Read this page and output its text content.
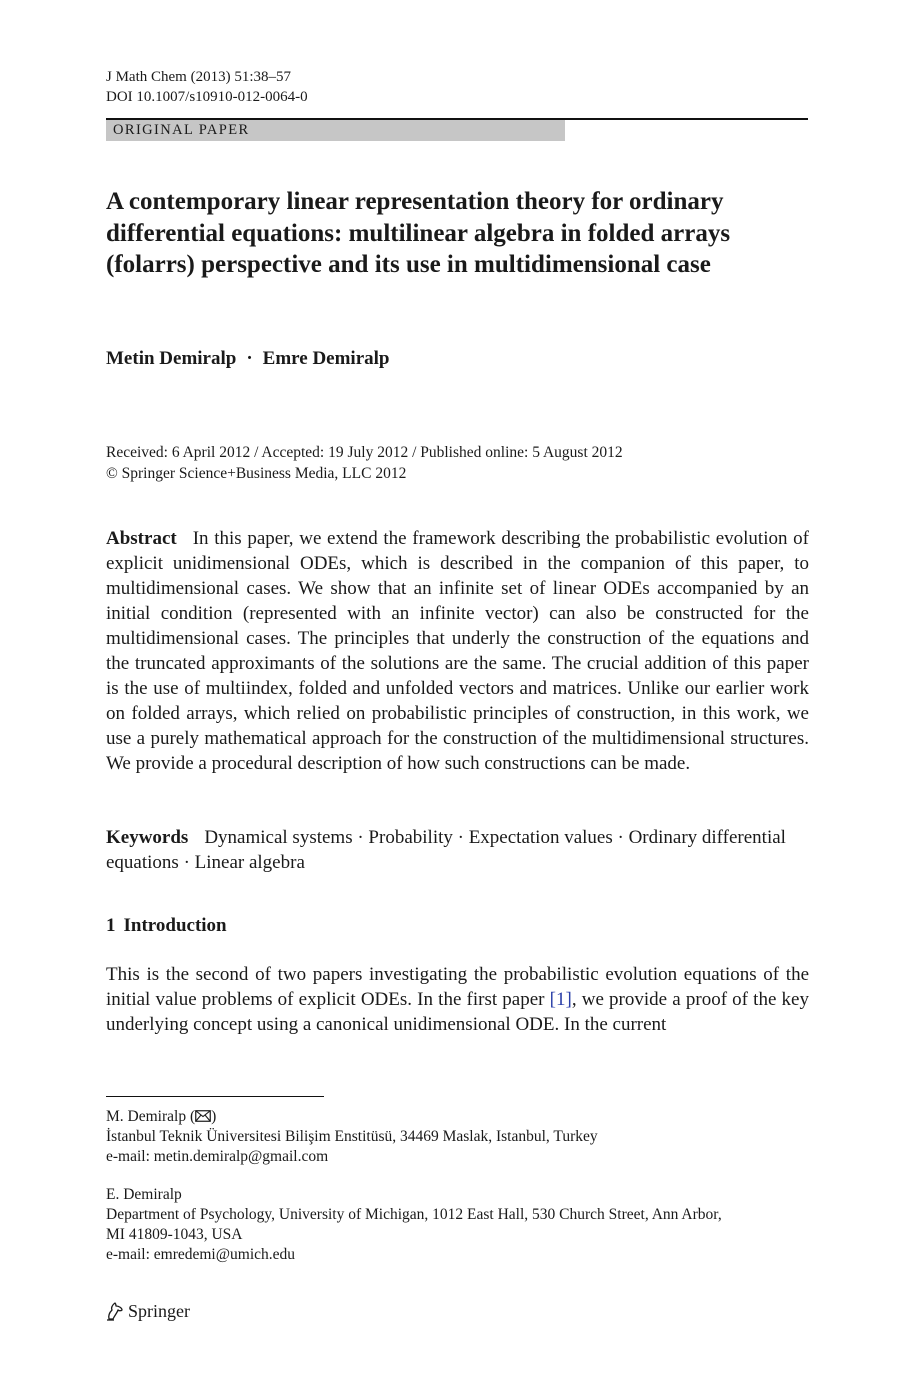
J Math Chem (2013) 51:38–57
DOI 10.1007/s10910-012-0064-0
ORIGINAL PAPER
A contemporary linear representation theory for ordinary differential equations: multilinear algebra in folded arrays (folarrs) perspective and its use in multidimensional case
Metin Demiralp · Emre Demiralp
Received: 6 April 2012 / Accepted: 19 July 2012 / Published online: 5 August 2012
© Springer Science+Business Media, LLC 2012

Abstract In this paper, we extend the framework describing the probabilistic evolution of explicit unidimensional ODEs, which is described in the companion of this paper, to multidimensional cases. We show that an infinite set of linear ODEs accompanied by an initial condition (represented with an infinite vector) can also be constructed for the multidimensional cases. The principles that underly the construction of the equations and the truncated approximants of the solutions are the same. The crucial addition of this paper is the use of multiindex, folded and unfolded vectors and matrices. Unlike our earlier work on folded arrays, which relied on probabilistic principles of construction, in this work, we use a purely mathematical approach for the construction of the multidimensional structures. We provide a procedural description of how such constructions can be made.

Keywords Dynamical systems · Probability · Expectation values · Ordinary differential equations · Linear algebra

1 Introduction

This is the second of two papers investigating the probabilistic evolution equations of the initial value problems of explicit ODEs. In the first paper [1], we provide a proof of the key underlying concept using a canonical unidimensional ODE. In the current

M. Demiralp ( )
İstanbul Teknik Üniversitesi Bilişim Enstitüsü, 34469 Maslak, Istanbul, Turkey
e-mail: metin.demiralp@gmail.com
E. Demiralp
Department of Psychology, University of Michigan, 1012 East Hall, 530 Church Street, Ann Arbor,
MI 41809-1043, USA
e-mail: emredemi@umich.edu
Springer
